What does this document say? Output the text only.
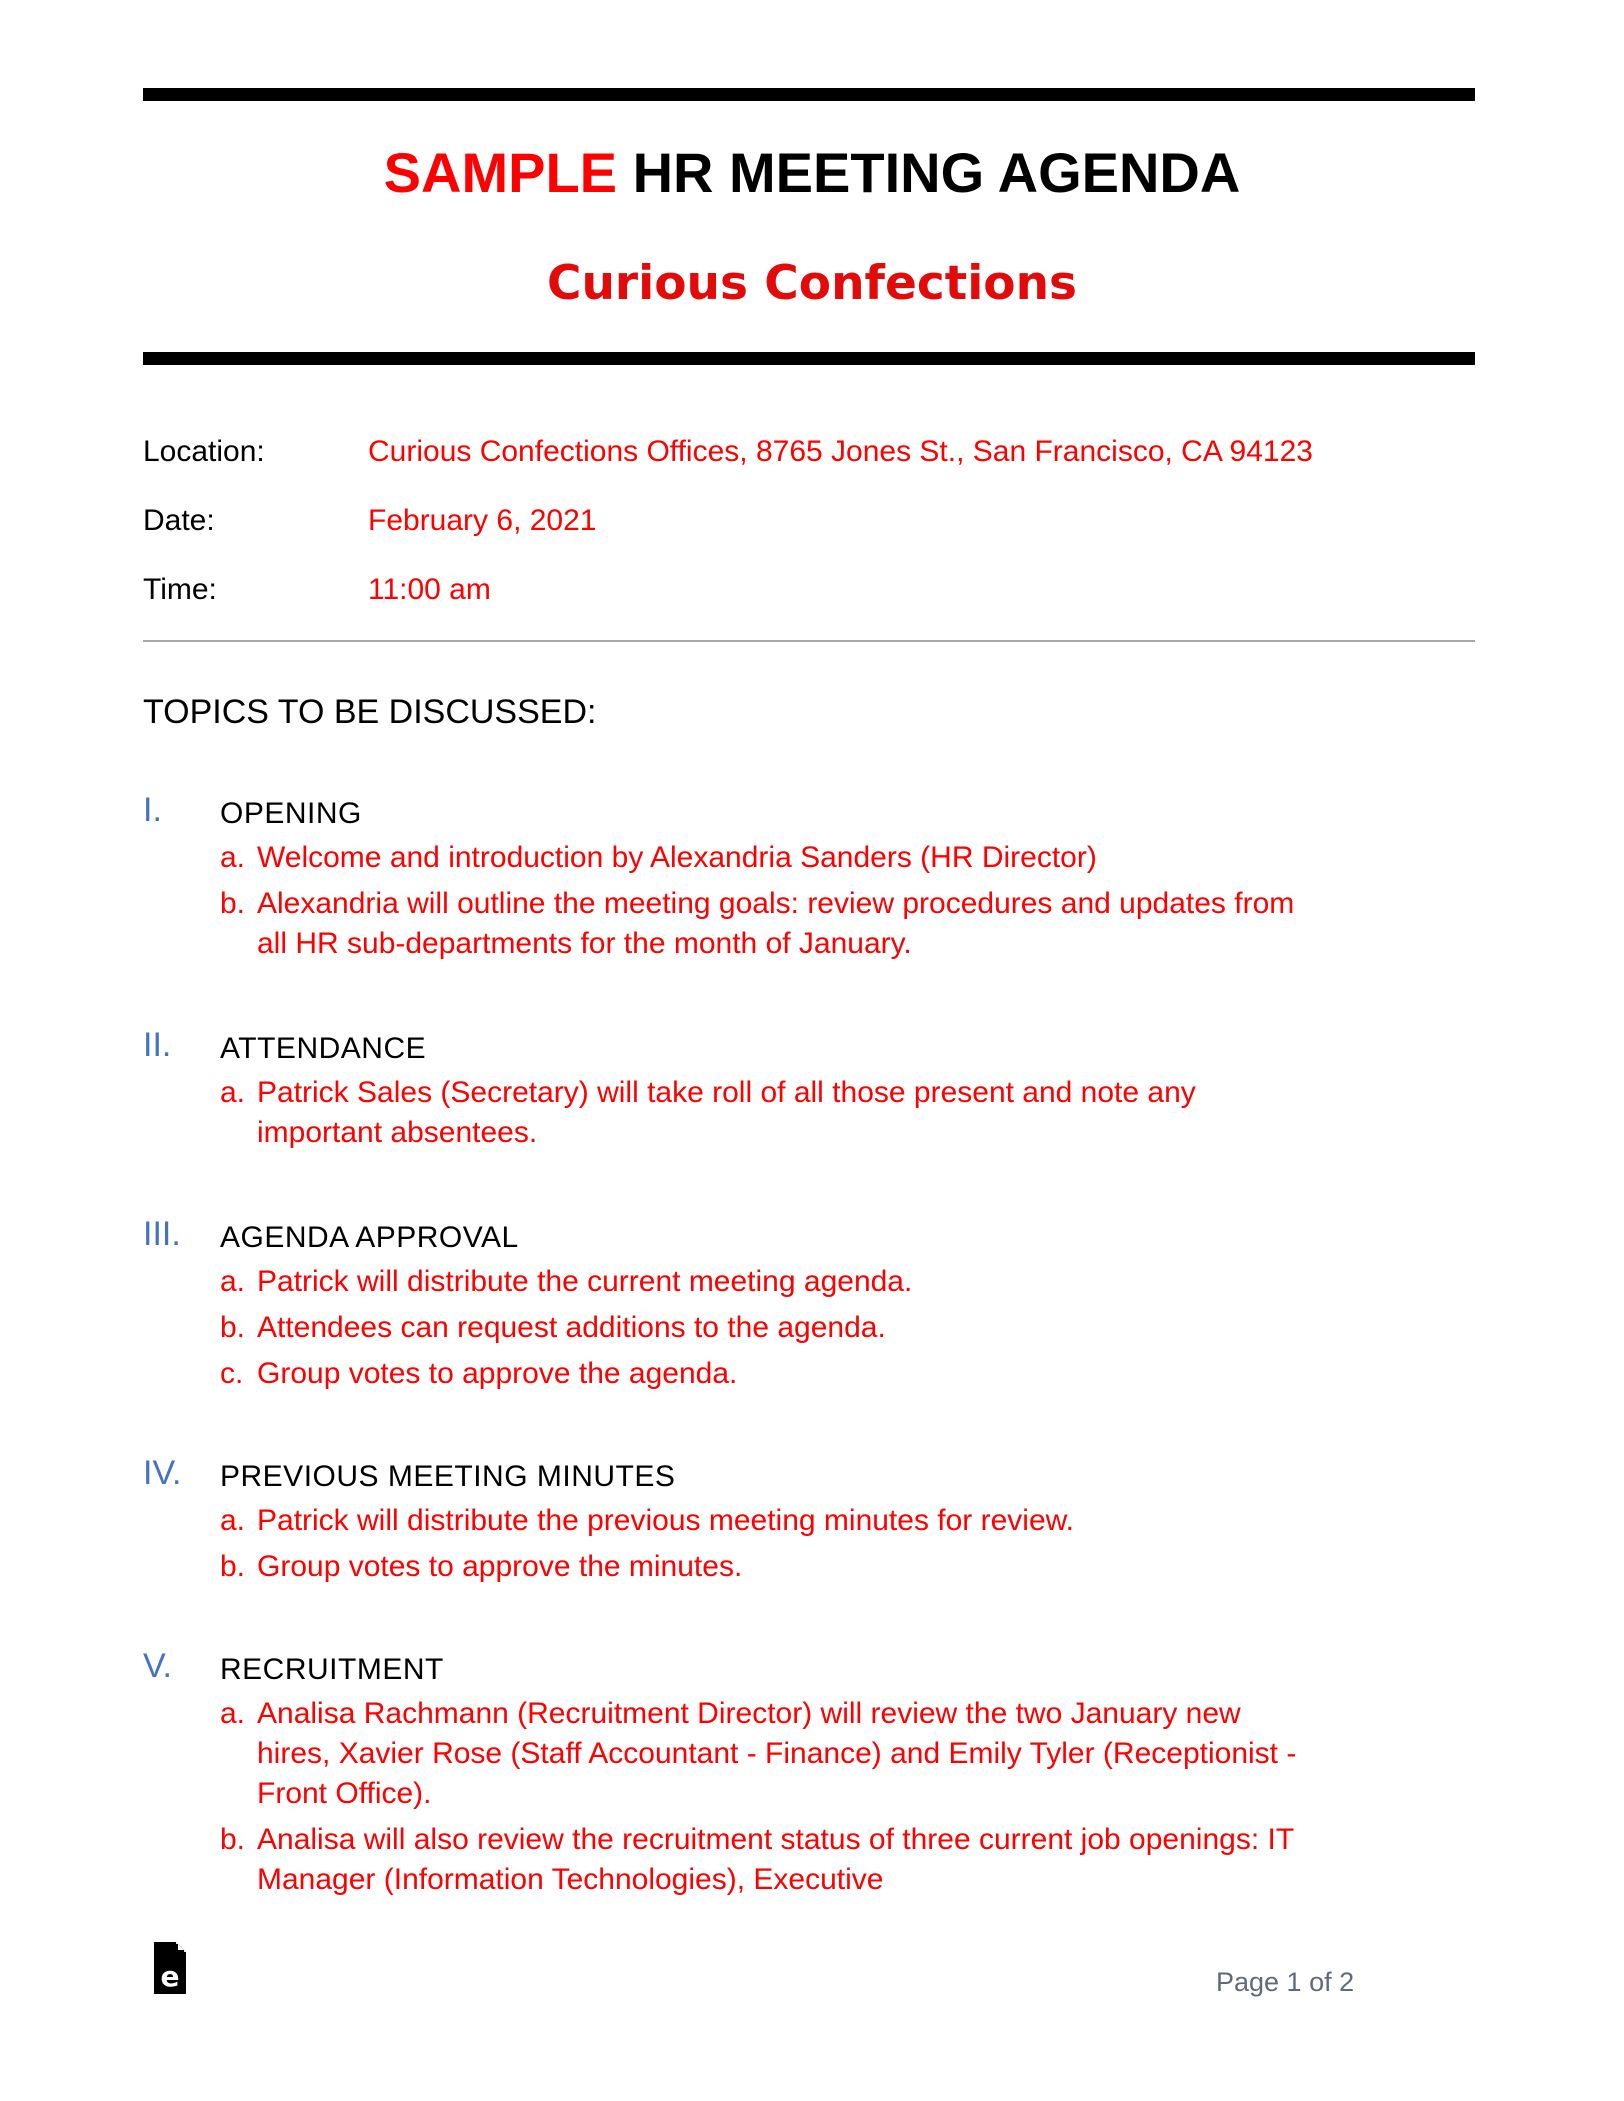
SAMPLE HR MEETING AGENDA
Curious Confections
Location:	Curious Confections Offices, 8765 Jones St., San Francisco, CA 94123
Date:	February 6, 2021
Time:	11:00 am
TOPICS TO BE DISCUSSED:
I. OPENING
a. Welcome and introduction by Alexandria Sanders (HR Director)
b. Alexandria will outline the meeting goals: review procedures and updates from all HR sub-departments for the month of January.
II. ATTENDANCE
a. Patrick Sales (Secretary) will take roll of all those present and note any important absentees.
III. AGENDA APPROVAL
a. Patrick will distribute the current meeting agenda.
b. Attendees can request additions to the agenda.
c. Group votes to approve the agenda.
IV. PREVIOUS MEETING MINUTES
a. Patrick will distribute the previous meeting minutes for review.
b. Group votes to approve the minutes.
V. RECRUITMENT
a. Analisa Rachmann (Recruitment Director) will review the two January new hires, Xavier Rose (Staff Accountant - Finance) and Emily Tyler (Receptionist - Front Office).
b. Analisa will also review the recruitment status of three current job openings: IT Manager (Information Technologies), Executive
e	Page 1 of 2
